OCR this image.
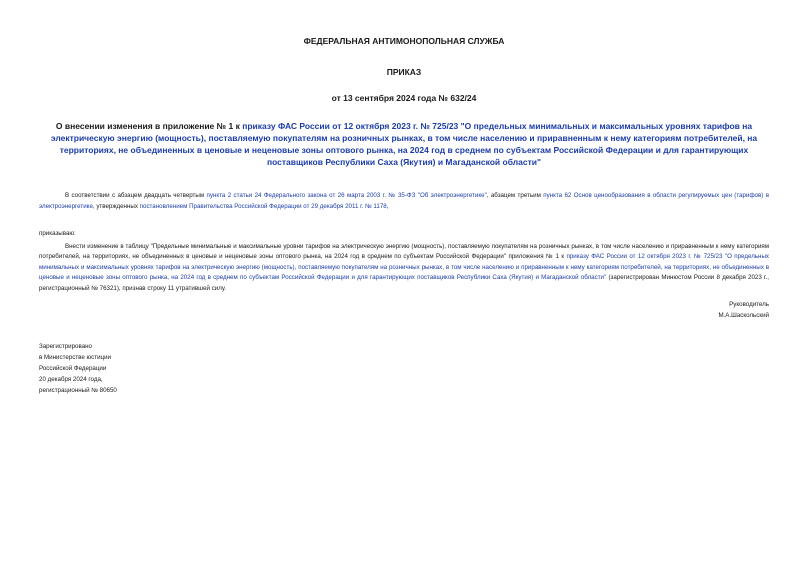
ФЕДЕРАЛЬНАЯ АНТИМОНОПОЛЬНАЯ СЛУЖБА

ПРИКАЗ

от 13 сентября 2024 года № 632/24

О внесении изменения в приложение № 1 к приказу ФАС России от 12 октября 2023 г. № 725/23 "О предельных минимальных и максимальных уровнях тарифов на электрическую энергию (мощность), поставляемую покупателям на розничных рынках, в том числе населению и приравненным к нему категориям потребителей, на территориях, не объединенных в ценовые и неценовые зоны оптового рынка, на 2024 год в среднем по субъектам Российской Федерации и для гарантирующих поставщиков Республики Саха (Якутия) и Магаданской области"

В соответствии с абзацем двадцать четвертым пункта 2 статьи 24 Федерального закона от 26 марта 2003 г. № 35-ФЗ "Об электроэнергетике", абзацем третьим пункта 62 Основ ценообразования в области регулируемых цен (тарифов) в электроэнергетике, утвержденных постановлением Правительства Российской Федерации от 29 декабря 2011 г. № 1178,

приказываю:

Внести изменение в таблицу "Предельные минимальные и максимальные уровни тарифов на электрическую энергию (мощность), поставляемую покупателям на розничных рынках, в том числе населению и приравненным к нему категориям потребителей, на территориях, не объединенных в ценовые и неценовые зоны оптового рынка, на 2024 год в среднем по субъектам Российской Федерации" приложения № 1 к приказу ФАС России от 12 октября 2023 г. № 725/23 "О предельных минимальных и максимальных уровнях тарифов на электрическую энергию (мощность), поставляемую покупателям на розничных рынках, в том числе населению и приравненным к нему категориям потребителей, на территориях, не объединенных в ценовые и неценовые зоны оптового рынка, на 2024 год в среднем по субъектам Российской Федерации и для гарантирующих поставщиков Республики Саха (Якутия) и Магаданской области" (зарегистрирован Минюстом России 8 декабря 2023 г., регистрационный № 76321), признав строку 11 утратившей силу.

Руководитель
М.А.Шаскольский
Зарегистрировано
в Министерстве юстиции
Российской Федерации
20 декабря 2024 года,
регистрационный № 80650
